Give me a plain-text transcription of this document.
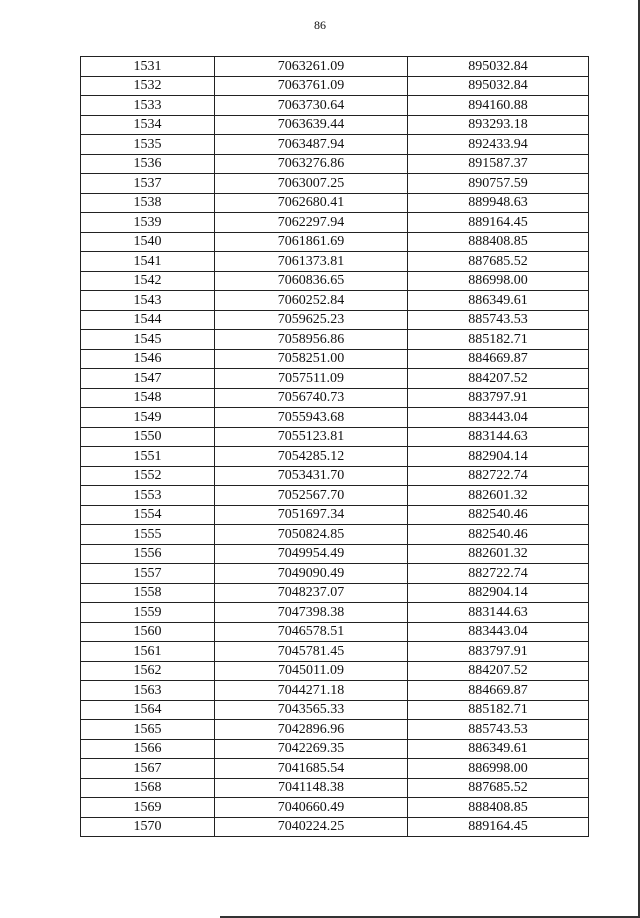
86
1531	7063261.09	895032.84
1532	7063761.09	895032.84
1533	7063730.64	894160.88
1534	7063639.44	893293.18
1535	7063487.94	892433.94
1536	7063276.86	891587.37
1537	7063007.25	890757.59
1538	7062680.41	889948.63
1539	7062297.94	889164.45
1540	7061861.69	888408.85
1541	7061373.81	887685.52
1542	7060836.65	886998.00
1543	7060252.84	886349.61
1544	7059625.23	885743.53
1545	7058956.86	885182.71
1546	7058251.00	884669.87
1547	7057511.09	884207.52
1548	7056740.73	883797.91
1549	7055943.68	883443.04
1550	7055123.81	883144.63
1551	7054285.12	882904.14
1552	7053431.70	882722.74
1553	7052567.70	882601.32
1554	7051697.34	882540.46
1555	7050824.85	882540.46
1556	7049954.49	882601.32
1557	7049090.49	882722.74
1558	7048237.07	882904.14
1559	7047398.38	883144.63
1560	7046578.51	883443.04
1561	7045781.45	883797.91
1562	7045011.09	884207.52
1563	7044271.18	884669.87
1564	7043565.33	885182.71
1565	7042896.96	885743.53
1566	7042269.35	886349.61
1567	7041685.54	886998.00
1568	7041148.38	887685.52
1569	7040660.49	888408.85
1570	7040224.25	889164.45
